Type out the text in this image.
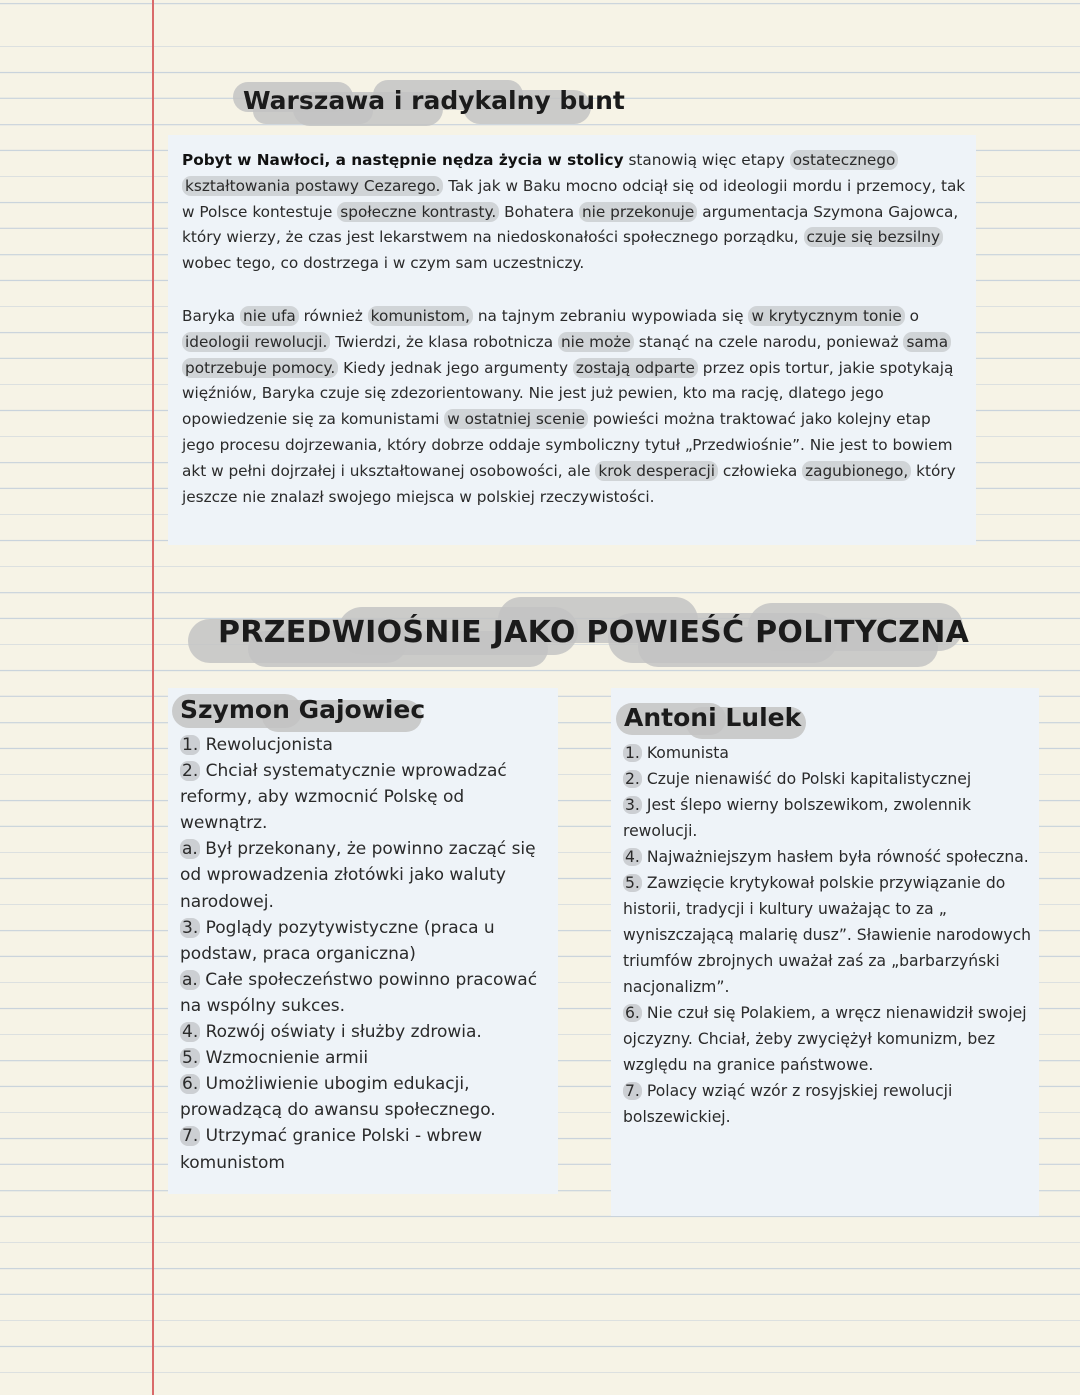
Warszawa i radykalny bunt
Pobyt w Nawłoci, a następnie nędza życia w stolicy stanowią więc etapy ostatecznego kształtowania postawy Cezarego. Tak jak w Baku mocno odciął się od ideologii mordu i przemocy, tak w Polsce kontestuje społeczne kontrasty. Bohatera nie przekonuje argumentacja Szymona Gajowca, który wierzy, że czas jest lekarstwem na niedoskonałości społecznego porządku, czuje się bezsilny wobec tego, co dostrzega i w czym sam uczestniczy.
Baryka nie ufa również komunistom, na tajnym zebraniu wypowiada się w krytycznym tonie o ideologii rewolucji. Twierdzi, że klasa robotnicza nie może stanąć na czele narodu, ponieważ sama potrzebuje pomocy. Kiedy jednak jego argumenty zostają odparte przez opis tortur, jakie spotykają więźniów, Baryka czuje się zdezorientowany. Nie jest już pewien, kto ma rację, dlatego jego opowiedzenie się za komunistami w ostatniej scenie powieści można traktować jako kolejny etap jego procesu dojrzewania, który dobrze oddaje symboliczny tytuł „Przedwiośnie”. Nie jest to bowiem akt w pełni dojrzałej i ukształtowanej osobowości, ale krok desperacji człowieka zagubionego, który jeszcze nie znalazł swojego miejsca w polskiej rzeczywistości.
PRZEDWIOŚNIE JAKO POWIEŚĆ POLITYCZNA
Szymon Gajowiec
1. Rewolucjonista
2. Chciał systematycznie wprowadzać reformy, aby wzmocnić Polskę od wewnątrz.
a. Był przekonany, że powinno zacząć się od wprowadzenia złotówki jako waluty narodowej.
3. Poglądy pozytywistyczne (praca u podstaw, praca organiczna)
a. Całe społeczeństwo powinno pracować na wspólny sukces.
4. Rozwój oświaty i służby zdrowia.
5. Wzmocnienie armii
6. Umożliwienie ubogim edukacji, prowadzącą do awansu społecznego.
7. Utrzymać granice Polski - wbrew komunistom
Antoni Lulek
1. Komunista
2. Czuje nienawiść do Polski kapitalistycznej
3. Jest ślepo wierny bolszewikom, zwolennik rewolucji.
4. Najważniejszym hasłem była równość społeczna.
5. Zawzięcie krytykował polskie przywiązanie do historii, tradycji i kultury uważając to za „ wyniszczającą malarię dusz”. Sławienie narodowych triumfów zbrojnych uważał zaś za „barbarzyński nacjonalizm”.
6. Nie czuł się Polakiem, a wręcz nienawidził swojej ojczyzny. Chciał, żeby zwyciężył komunizm, bez względu na granice państwowe.
7. Polacy wziąć wzór z rosyjskiej rewolucji bolszewickiej.
